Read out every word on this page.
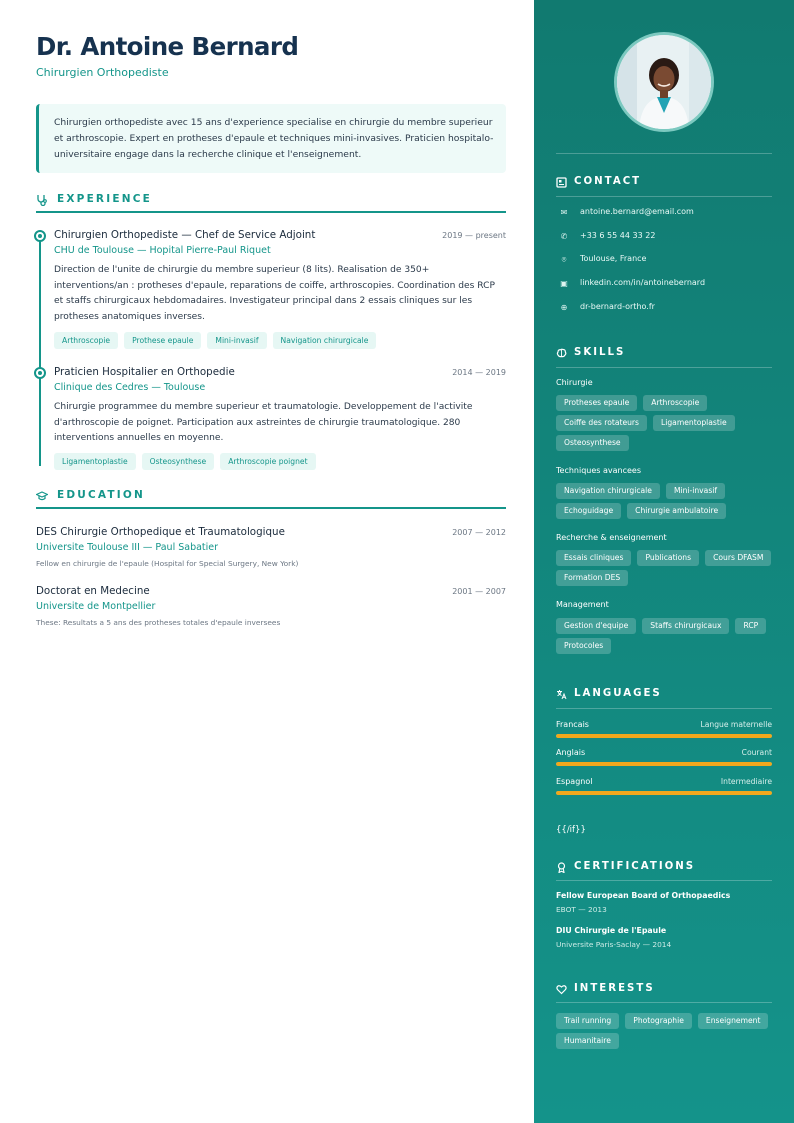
Dr. Antoine Bernard
Chirurgien Orthopediste
Chirurgien orthopediste avec 15 ans d'experience specialise en chirurgie du membre superieur et arthroscopie. Expert en protheses d'epaule et techniques mini-invasives. Praticien hospitalo-universitaire engage dans la recherche clinique et l'enseignement.
EXPERIENCE
Chirurgien Orthopediste — Chef de Service Adjoint	2019 — present
CHU de Toulouse — Hopital Pierre-Paul Riquet
Direction de l'unite de chirurgie du membre superieur (8 lits). Realisation de 350+ interventions/an : protheses d'epaule, reparations de coiffe, arthroscopies. Coordination des RCP et staffs chirurgicaux hebdomadaires. Investigateur principal dans 2 essais cliniques sur les protheses anatomiques inverses.
Arthroscopie	Prothese epaule	Mini-invasif	Navigation chirurgicale
Praticien Hospitalier en Orthopedie	2014 — 2019
Clinique des Cedres — Toulouse
Chirurgie programmee du membre superieur et traumatologie. Developpement de l'activite d'arthroscopie de poignet. Participation aux astreintes de chirurgie traumatologique. 280 interventions annuelles en moyenne.
Ligamentoplastie	Osteosynthese	Arthroscopie poignet
EDUCATION
DES Chirurgie Orthopedique et Traumatologique	2007 — 2012
Universite Toulouse III — Paul Sabatier
Fellow en chirurgie de l'epaule (Hospital for Special Surgery, New York)
Doctorat en Medecine	2001 — 2007
Universite de Montpellier
These: Resultats a 5 ans des protheses totales d'epaule inversees
CONTACT
✉ antoine.bernard@email.com
✆ +33 6 55 44 33 22
⌾	Toulouse, France
▣ linkedin.com/in/antoinebernard
⊕ dr-bernard-ortho.fr
SKILLS
Chirurgie
Protheses epaule	Arthroscopie
Coiffe des rotateurs	Ligamentoplastie
Osteosynthese
Techniques avancees
Navigation chirurgicale	Mini-invasif
Echoguidage	Chirurgie ambulatoire
Recherche & enseignement
Essais cliniques	Publications	Cours DFASM
Formation DES
Management
Gestion d'equipe	Staffs chirurgicaux	RCP
Protocoles
LANGUAGES
Francais	Langue maternelle
Anglais	Courant
Espagnol	Intermediaire
{{/if}}
CERTIFICATIONS
Fellow European Board of Orthopaedics
EBOT — 2013
DIU Chirurgie de l'Epaule
Universite Paris-Saclay — 2014
INTERESTS
Trail running	Photographie	Enseignement
Humanitaire
